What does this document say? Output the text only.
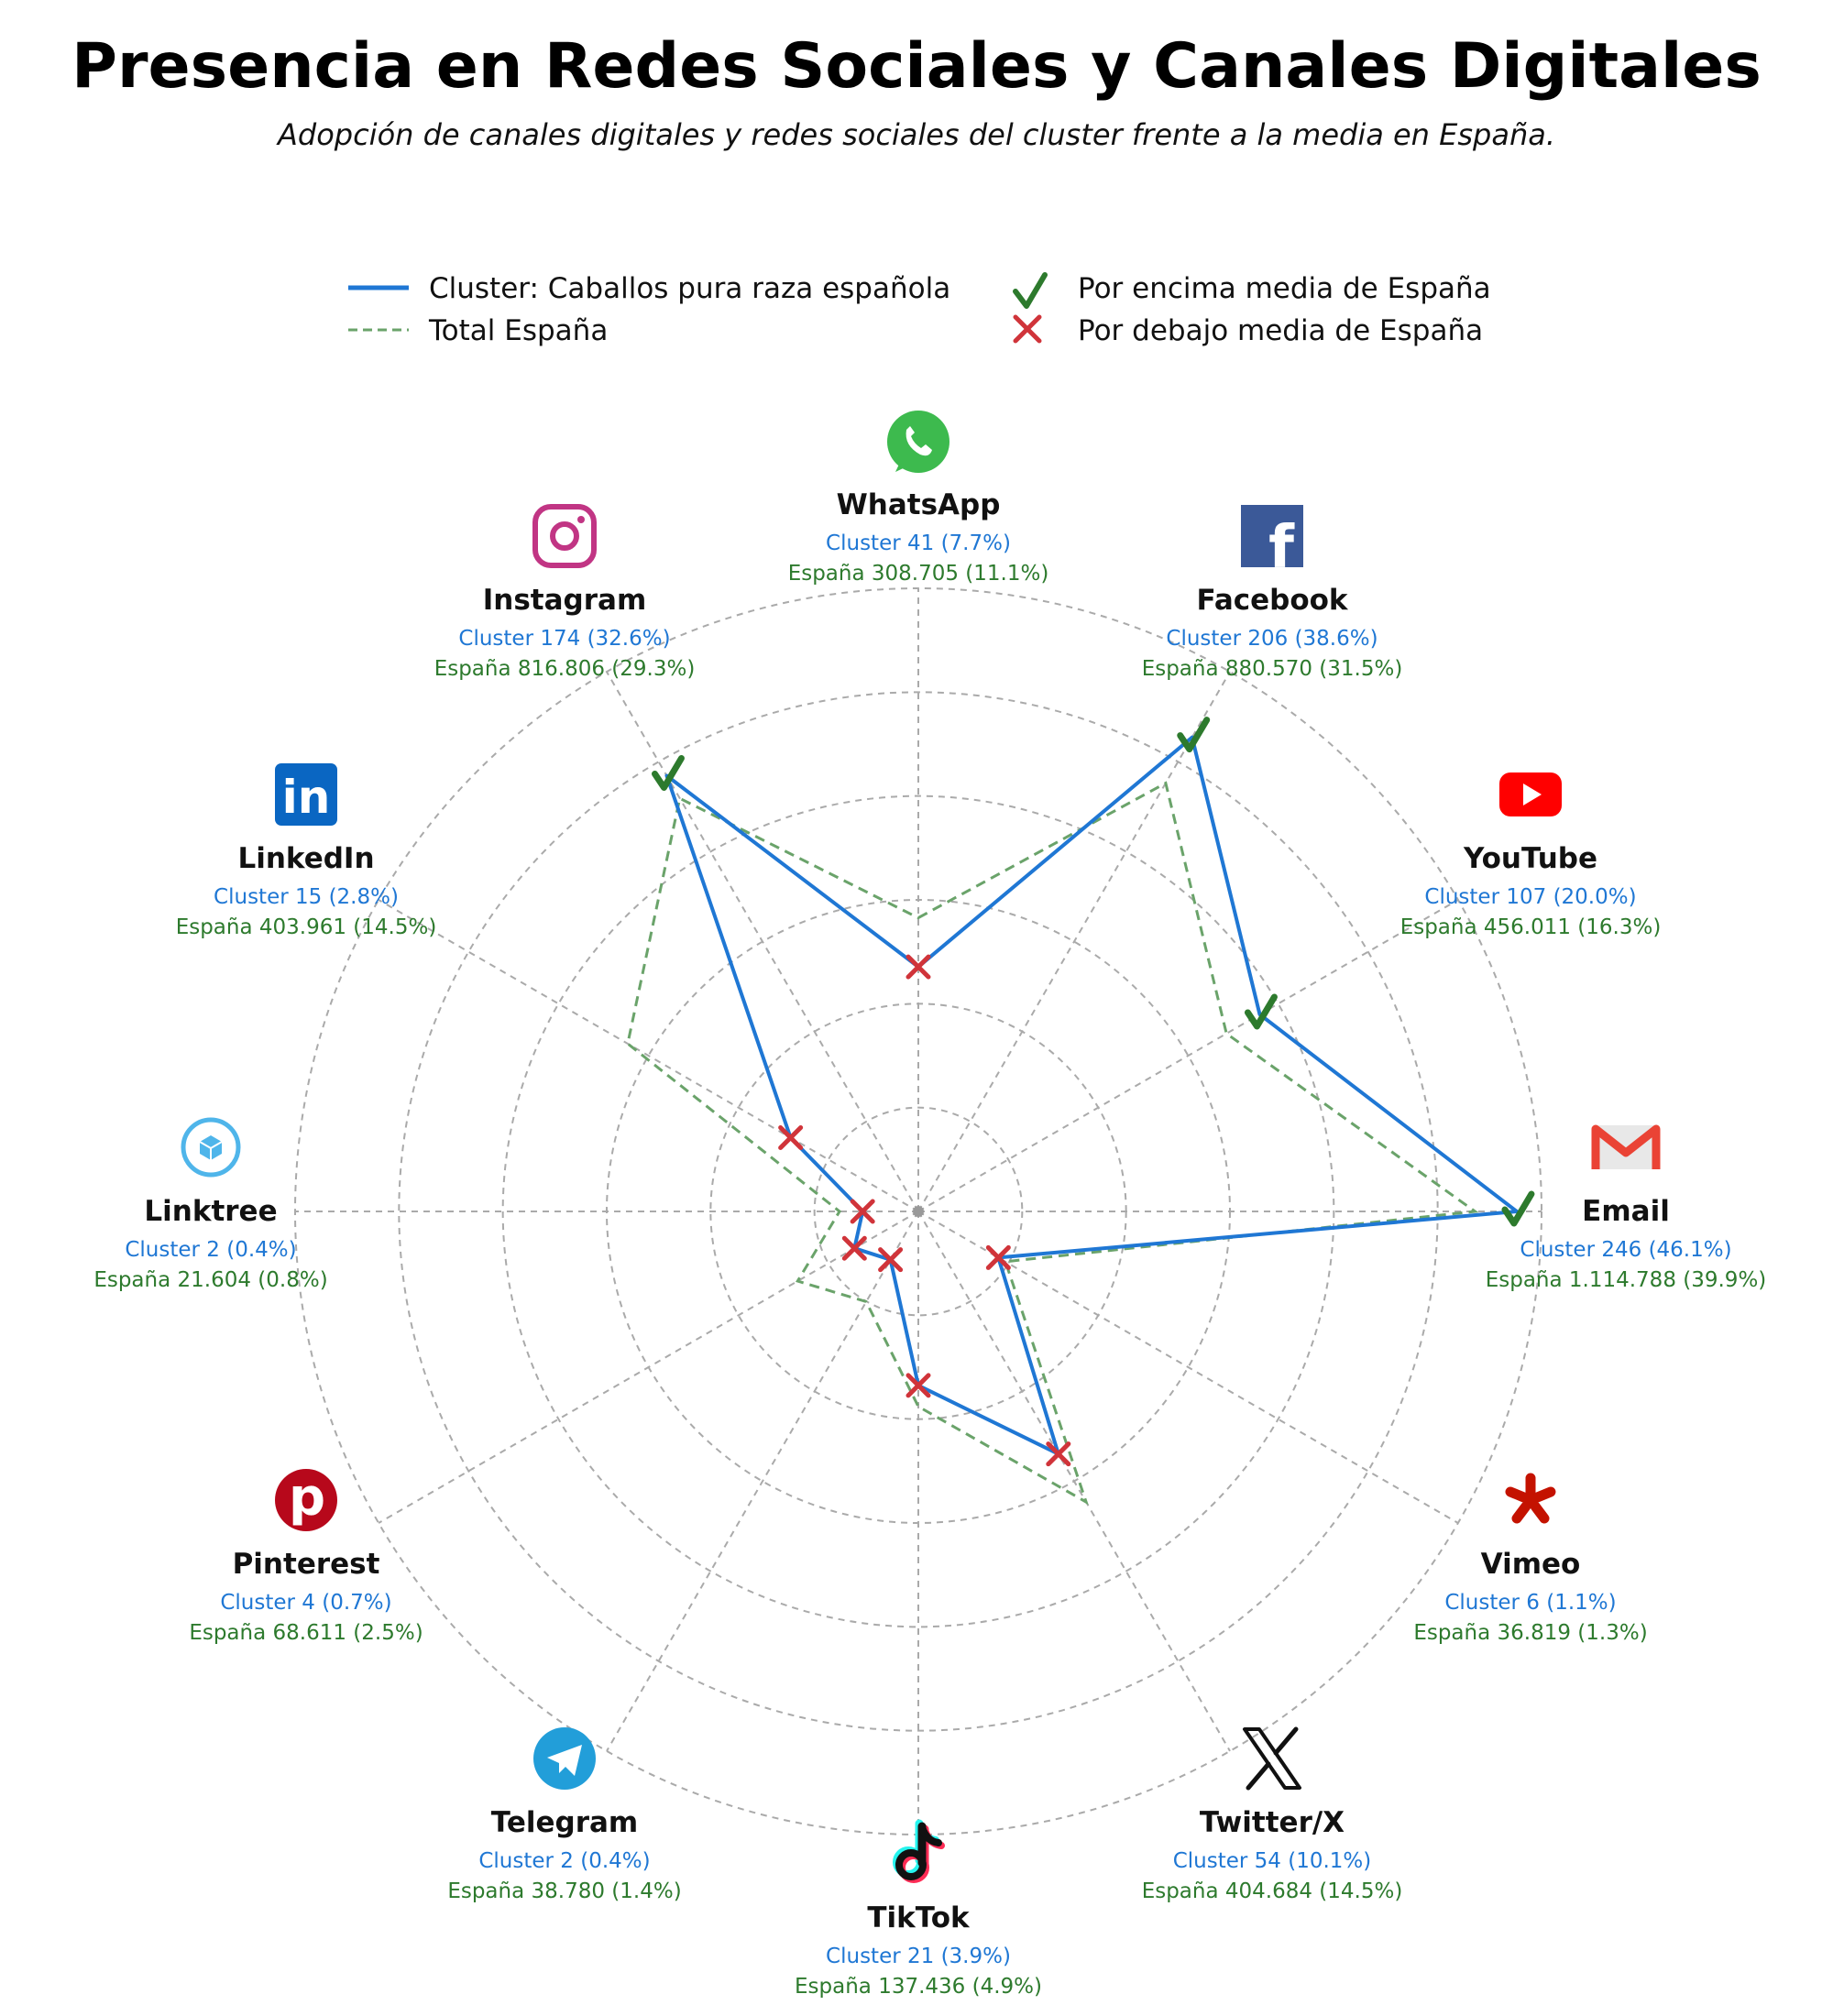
Presencia en Redes Sociales y Canales Digitales
Adopción de canales digitales y redes sociales del cluster frente a la media en España.
Cluster: Caballos pura raza española
Total España
Por encima media de España
Por debajo media de España
WhatsApp
Cluster 41 (7.7%)
España 308.705 (11.1%)	f
Facebook
Cluster 206 (38.6%)
España 880.570 (31.5%)
YouTube
Cluster 107 (20.0%)
España 456.011 (16.3%)
Email
Cluster 246 (46.1%)
España 1.114.788 (39.9%)
Vimeo
Cluster 6 (1.1%)
España 36.819 (1.3%)
Twitter/X
Cluster 54 (10.1%)
España 404.684 (14.5%)
TikTok
Cluster 21 (3.9%)
España 137.436 (4.9%)
Telegram
Cluster 2 (0.4%)
España 38.780 (1.4%)
p
Pinterest
Cluster 4 (0.7%)
España 68.611 (2.5%)
Linktree
Cluster 2 (0.4%)
España 21.604 (0.8%)
in
LinkedIn
Cluster 15 (2.8%)
España 403.961 (14.5%)
Instagram
Cluster 174 (32.6%)
España 816.806 (29.3%)
